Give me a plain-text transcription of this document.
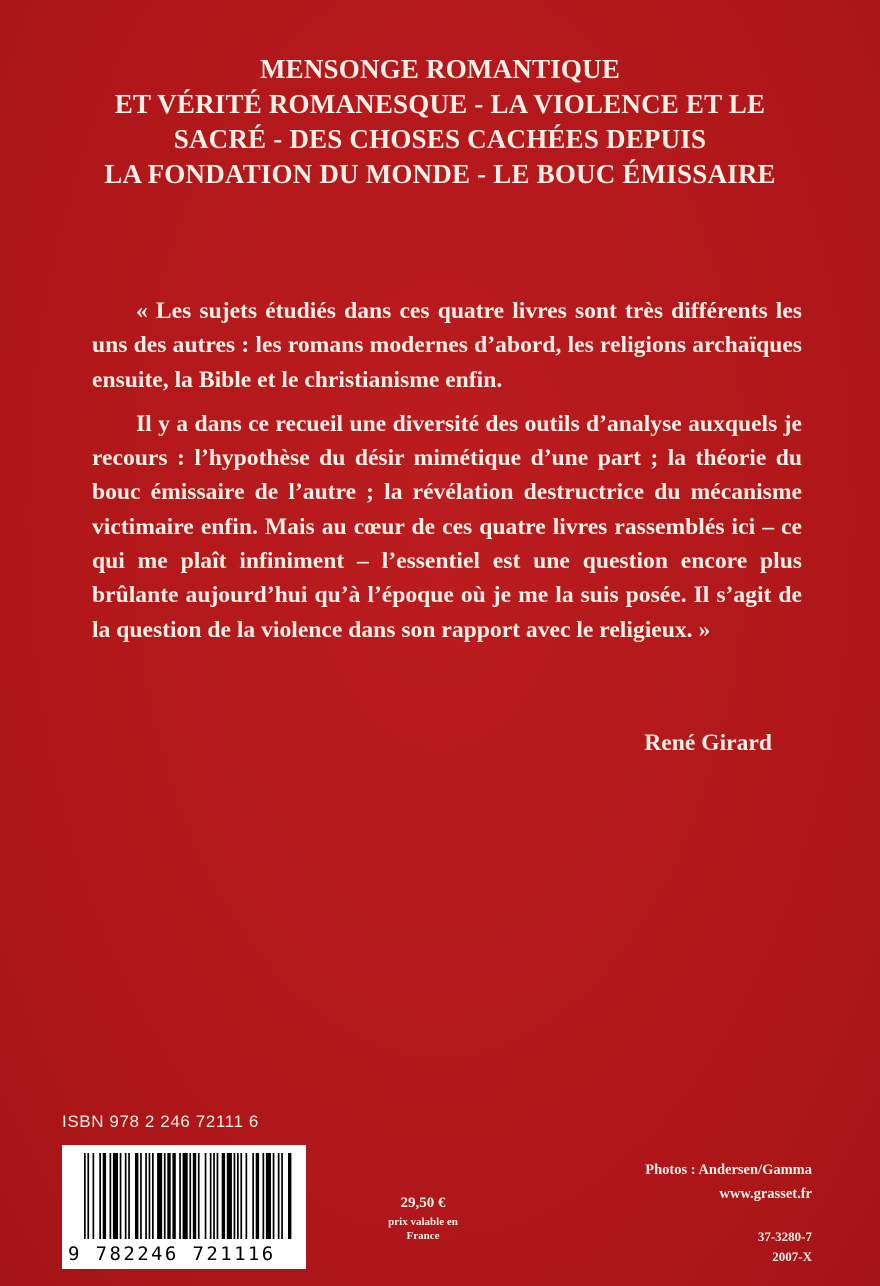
MENSONGE ROMANTIQUE
ET VÉRITÉ ROMANESQUE - LA VIOLENCE ET LE
SACRÉ - DES CHOSES CACHÉES DEPUIS
LA FONDATION DU MONDE - LE BOUC ÉMISSAIRE

« Les sujets étudiés dans ces quatre livres sont très différents les uns des autres : les romans modernes d’abord, les religions archaïques ensuite, la Bible et le christianisme enfin.

Il y a dans ce recueil une diversité des outils d’analyse auxquels je recours : l’hypothèse du désir mimétique d’une part ; la théorie du bouc émissaire de l’autre ; la révélation destructrice du mécanisme victimaire enfin. Mais au cœur de ces quatre livres rassemblés ici – ce qui me plaît infiniment – l’essentiel est une question encore plus brûlante aujourd’hui qu’à l’époque où je me la suis posée. Il s’agit de la question de la violence dans son rapport avec le religieux. »

René Girard
ISBN 978 2 246 72111 6
9 782246 721116
29,50 €
prix valable en
France
Photos : Andersen/Gamma
www.grasset.fr
37-3280-7
2007-X
